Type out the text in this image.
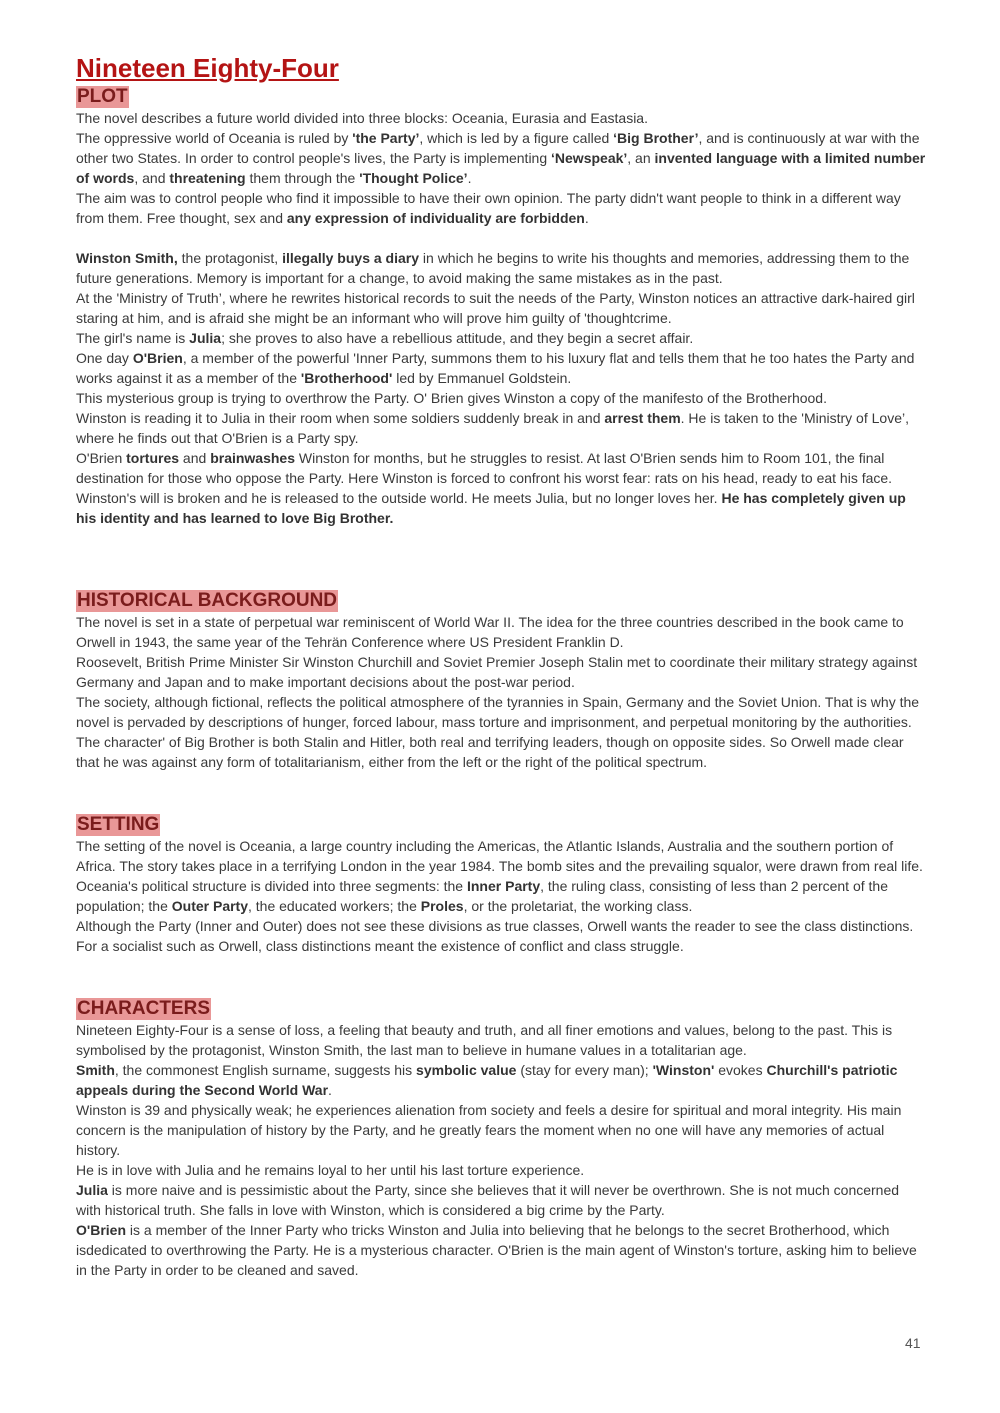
Nineteen Eighty-Four
PLOT

The novel describes a future world divided into three blocks: Oceania, Eurasia and Eastasia.

The oppressive world of Oceania is ruled by 'the Party’, which is led by a figure called ‘Big Brother’, and is continuously at war with the other two States. In order to control people's lives, the Party is implementing ‘Newspeak’, an invented language with a limited number of words, and threatening them through the 'Thought Police’.

The aim was to control people who find it impossible to have their own opinion. The party didn't want people to think in a different way from them. Free thought, sex and any expression of individuality are forbidden.

Winston Smith, the protagonist, illegally buys a diary in which he begins to write his thoughts and memories, addressing them to the future generations. Memory is important for a change, to avoid making the same mistakes as in the past.

At the 'Ministry of Truth’, where he rewrites historical records to suit the needs of the Party, Winston notices an attractive dark-haired girl staring at him, and is afraid she might be an informant who will prove him guilty of 'thoughtcrime.

The girl's name is Julia; she proves to also have a rebellious attitude, and they begin a secret affair.

One day O'Brien, a member of the powerful 'Inner Party, summons them to his luxury flat and tells them that he too hates the Party and works against it as a member of the 'Brotherhood' led by Emmanuel Goldstein.

This mysterious group is trying to overthrow the Party. O' Brien gives Winston a copy of the manifesto of the Brotherhood.

Winston is reading it to Julia in their room when some soldiers suddenly break in and arrest them. He is taken to the 'Ministry of Love’, where he finds out that O'Brien is a Party spy.

O'Brien tortures and brainwashes Winston for months, but he struggles to resist. At last O'Brien sends him to Room 101, the final destination for those who oppose the Party. Here Winston is forced to confront his worst fear: rats on his head, ready to eat his face. Winston's will is broken and he is released to the outside world. He meets Julia, but no longer loves her. He has completely given up his identity and has learned to love Big Brother.

HISTORICAL BACKGROUND

The novel is set in a state of perpetual war reminiscent of World War II. The idea for the three countries described in the book came to Orwell in 1943, the same year of the Tehrän Conference where US President Franklin D.

Roosevelt, British Prime Minister Sir Winston Churchill and Soviet Premier Joseph Stalin met to coordinate their military strategy against Germany and Japan and to make important decisions about the post-war period.

The society, although fictional, reflects the political atmosphere of the tyrannies in Spain, Germany and the Soviet Union. That is why the novel is pervaded by descriptions of hunger, forced labour, mass torture and imprisonment, and perpetual monitoring by the authorities.

The character' of Big Brother is both Stalin and Hitler, both real and terrifying leaders, though on opposite sides. So Orwell made clear that he was against any form of totalitarianism, either from the left or the right of the political spectrum.

SETTING

The setting of the novel is Oceania, a large country including the Americas, the Atlantic Islands, Australia and the southern portion of Africa. The story takes place in a terrifying London in the year 1984. The bomb sites and the prevailing squalor, were drawn from real life.

Oceania's political structure is divided into three segments: the Inner Party, the ruling class, consisting of less than 2 percent of the population; the Outer Party, the educated workers; the Proles, or the proletariat, the working class.

Although the Party (Inner and Outer) does not see these divisions as true classes, Orwell wants the reader to see the class distinctions. For a socialist such as Orwell, class distinctions meant the existence of conflict and class struggle.

CHARACTERS

Nineteen Eighty-Four is a sense of loss, a feeling that beauty and truth, and all finer emotions and values, belong to the past. This is symbolised by the protagonist, Winston Smith, the last man to believe in humane values in a totalitarian age.

Smith, the commonest English surname, suggests his symbolic value (stay for every man); 'Winston' evokes Churchill's patriotic appeals during the Second World War.

Winston is 39 and physically weak; he experiences alienation from society and feels a desire for spiritual and moral integrity. His main concern is the manipulation of history by the Party, and he greatly fears the moment when no one will have any memories of actual history.

He is in love with Julia and he remains loyal to her until his last torture experience.

Julia is more naive and is pessimistic about the Party, since she believes that it will never be overthrown. She is not much concerned with historical truth. She falls in love with Winston, which is considered a big crime by the Party.

O'Brien is a member of the Inner Party who tricks Winston and Julia into believing that he belongs to the secret Brotherhood, which isdedicated to overthrowing the Party. He is a mysterious character. O'Brien is the main agent of Winston's torture, asking him to believe in the Party in order to be cleaned and saved.

41
